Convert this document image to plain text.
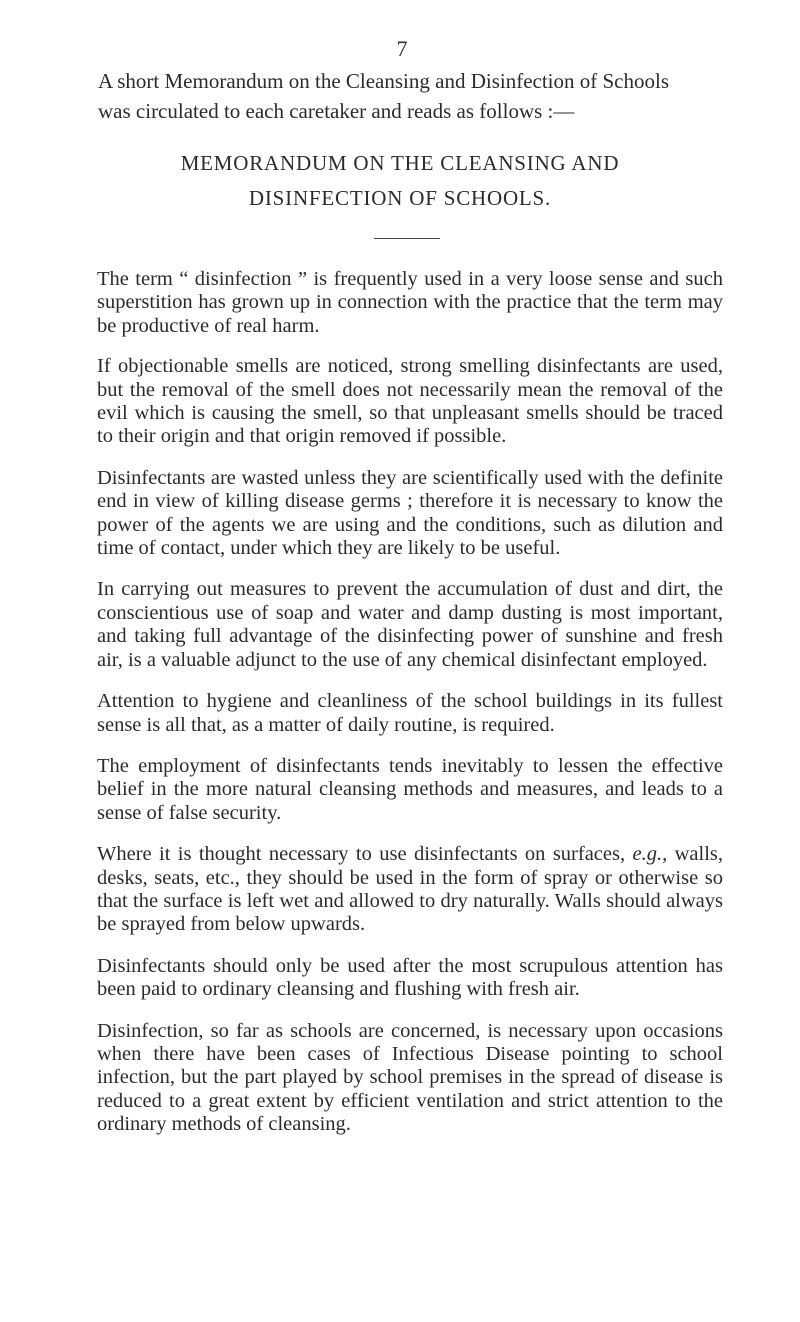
7

A short Memorandum on the Cleansing and Disinfection of Schools
was circulated to each caretaker and reads as follows :—

MEMORANDUM ON THE CLEANSING AND
DISINFECTION OF SCHOOLS.

The term “ disinfection ” is frequently used in a very loose sense and such superstition has grown up in connection with the practice that the term may be productive of real harm.

If objectionable smells are noticed, strong smelling disinfectants are used, but the removal of the smell does not necessarily mean the removal of the evil which is causing the smell, so that unpleasant smells should be traced to their origin and that origin removed if possible.

Disinfectants are wasted unless they are scientifically used with the definite end in view of killing disease germs ; therefore it is necessary to know the power of the agents we are using and the conditions, such as dilution and time of contact, under which they are likely to be useful.

In carrying out measures to prevent the accumulation of dust and dirt, the conscientious use of soap and water and damp dusting is most important, and taking full advantage of the disinfecting power of sunshine and fresh air, is a valuable adjunct to the use of any chemical disinfectant employed.

Attention to hygiene and cleanliness of the school buildings in its fullest sense is all that, as a matter of daily routine, is required.

The employment of disinfectants tends inevitably to lessen the effective belief in the more natural cleansing methods and measures, and leads to a sense of false security.

Where it is thought necessary to use disinfectants on surfaces, e.g., walls, desks, seats, etc., they should be used in the form of spray or otherwise so that the surface is left wet and allowed to dry naturally. Walls should always be sprayed from below upwards.

Disinfectants should only be used after the most scrupulous attention has been paid to ordinary cleansing and flushing with fresh air.

Disinfection, so far as schools are concerned, is necessary upon occasions when there have been cases of Infectious Disease pointing to school infection, but the part played by school premises in the spread of disease is reduced to a great extent by efficient ventilation and strict attention to the ordinary methods of cleansing.
